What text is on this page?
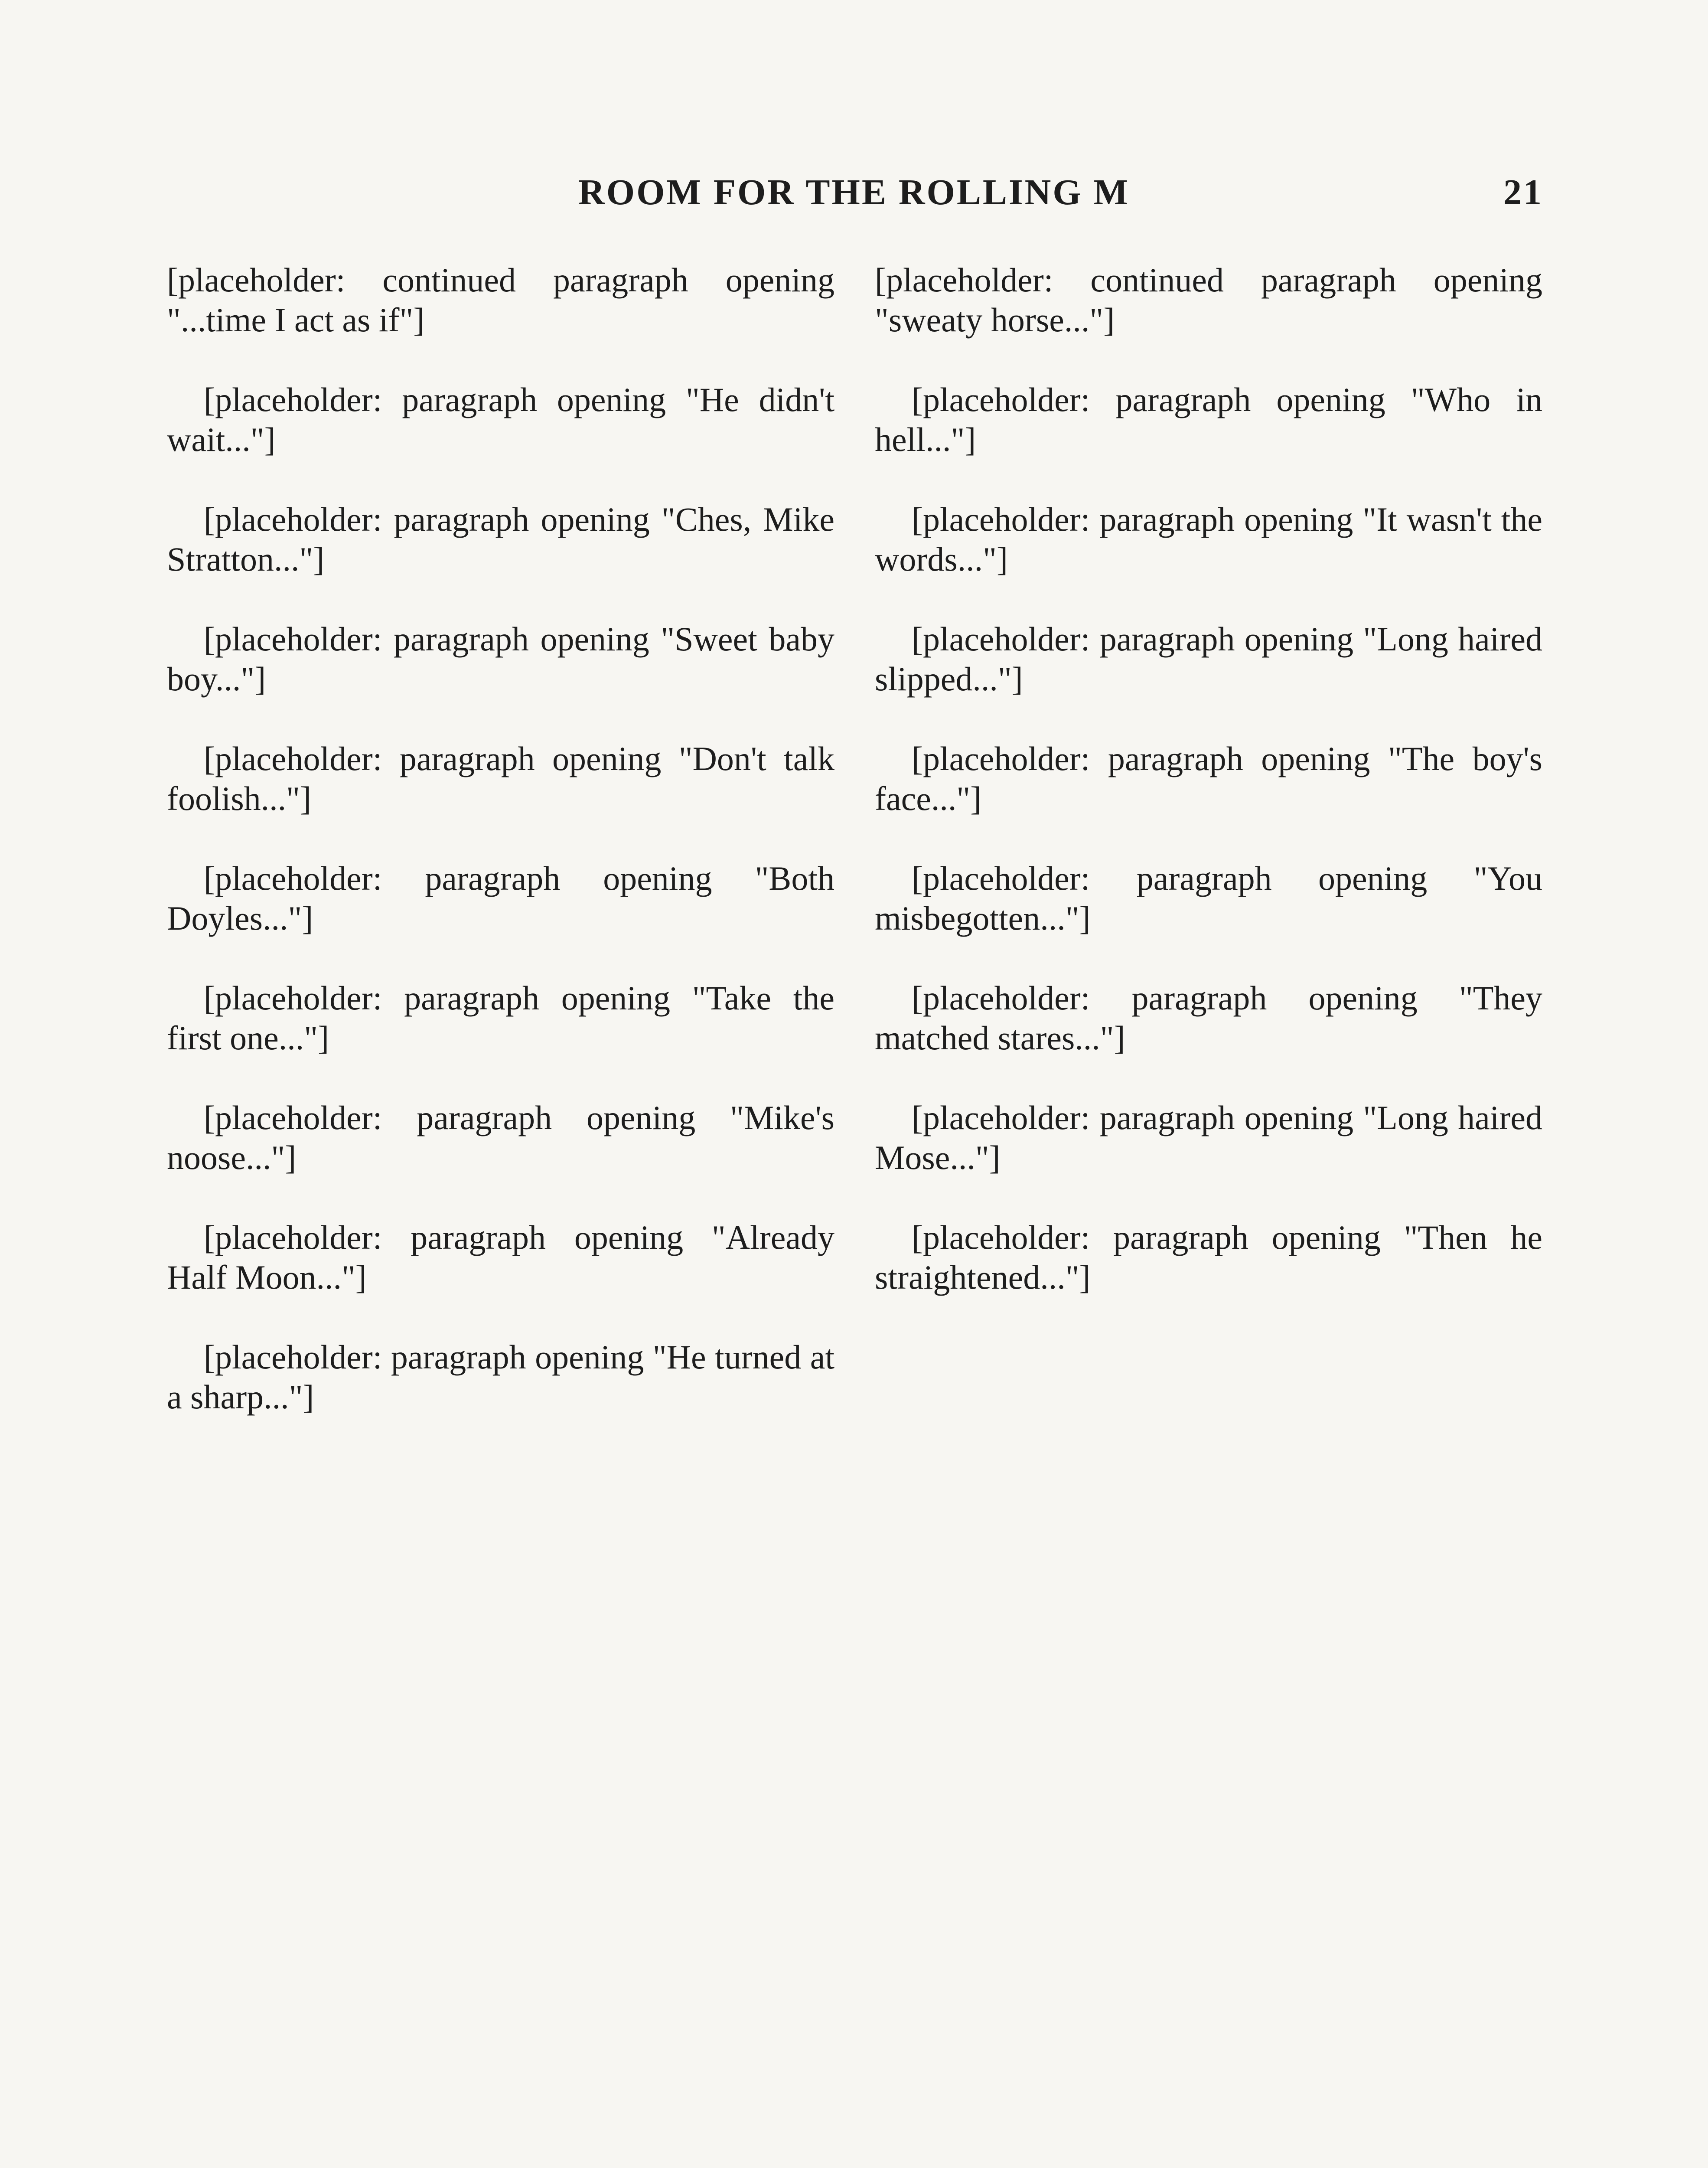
ROOM FOR THE ROLLING M	21

[placeholder: continued paragraph opening "...time I act as if"]

[placeholder: paragraph opening "He didn't wait..."]

[placeholder: paragraph opening "Ches, Mike Stratton..."]

[placeholder: paragraph opening "Sweet baby boy..."]

[placeholder: paragraph opening "Don't talk foolish..."]

[placeholder: paragraph opening "Both Doyles..."]

[placeholder: paragraph opening "Take the first one..."]

[placeholder: paragraph opening "Mike's noose..."]

[placeholder: paragraph opening "Already Half Moon..."]

[placeholder: paragraph opening "He turned at a sharp..."]

[placeholder: continued paragraph opening "sweaty horse..."]

[placeholder: paragraph opening "Who in hell..."]

[placeholder: paragraph opening "It wasn't the words..."]

[placeholder: paragraph opening "Long haired slipped..."]

[placeholder: paragraph opening "The boy's face..."]

[placeholder: paragraph opening "You misbegotten..."]

[placeholder: paragraph opening "They matched stares..."]

[placeholder: paragraph opening "Long haired Mose..."]

[placeholder: paragraph opening "Then he straightened..."]
